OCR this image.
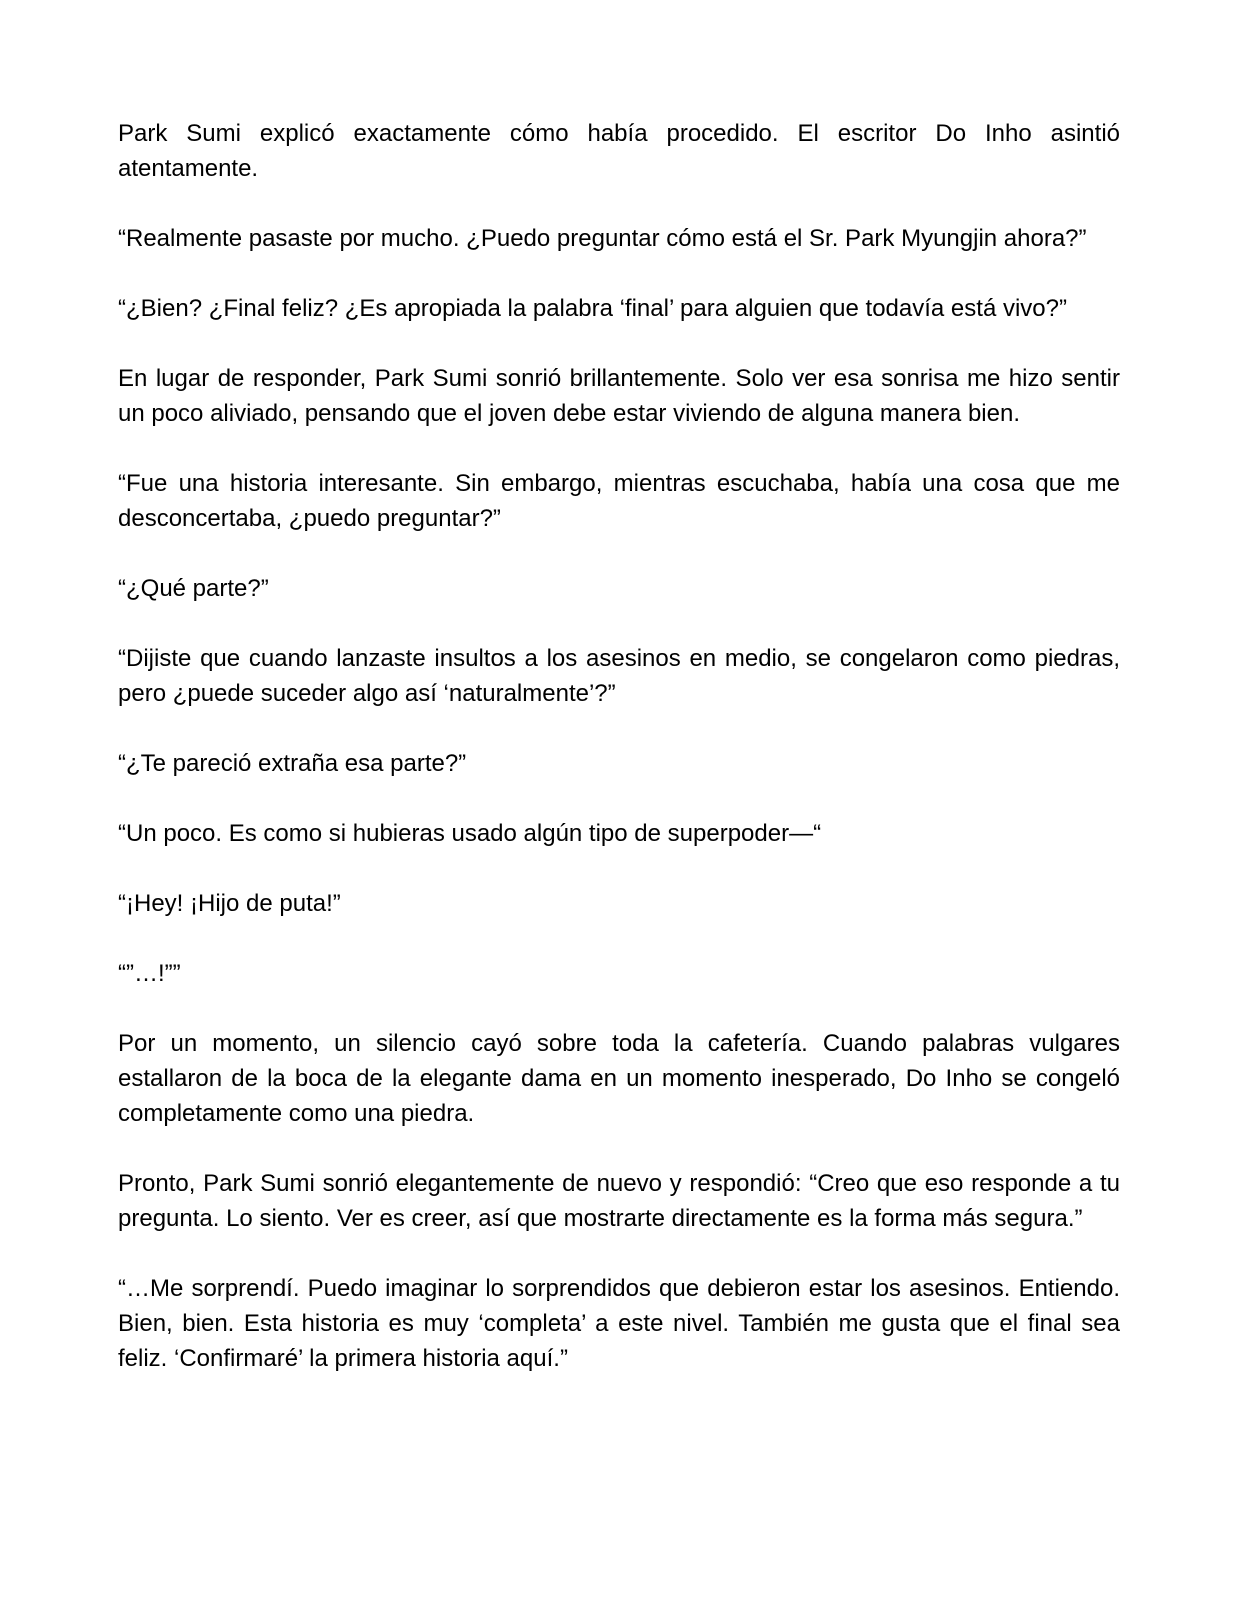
Park Sumi explicó exactamente cómo había procedido. El escritor Do Inho asintió atentamente.

“Realmente pasaste por mucho. ¿Puedo preguntar cómo está el Sr. Park Myungjin ahora?”

“¿Bien? ¿Final feliz? ¿Es apropiada la palabra ‘final’ para alguien que todavía está vivo?”

En lugar de responder, Park Sumi sonrió brillantemente. Solo ver esa sonrisa me hizo sentir un poco aliviado, pensando que el joven debe estar viviendo de alguna manera bien.

“Fue una historia interesante. Sin embargo, mientras escuchaba, había una cosa que me desconcertaba, ¿puedo preguntar?”

“¿Qué parte?”

“Dijiste que cuando lanzaste insultos a los asesinos en medio, se congelaron como piedras, pero ¿puede suceder algo así ‘naturalmente’?”

“¿Te pareció extraña esa parte?”

“Un poco. Es como si hubieras usado algún tipo de superpoder—“

“¡Hey! ¡Hijo de puta!”

“”…!””

Por un momento, un silencio cayó sobre toda la cafetería. Cuando palabras vulgares estallaron de la boca de la elegante dama en un momento inesperado, Do Inho se congeló completamente como una piedra.

Pronto, Park Sumi sonrió elegantemente de nuevo y respondió: “Creo que eso responde a tu pregunta. Lo siento. Ver es creer, así que mostrarte directamente es la forma más segura.”

“…Me sorprendí. Puedo imaginar lo sorprendidos que debieron estar los asesinos. Entiendo. Bien, bien. Esta historia es muy ‘completa’ a este nivel. También me gusta que el final sea feliz. ‘Confirmaré’ la primera historia aquí.”
